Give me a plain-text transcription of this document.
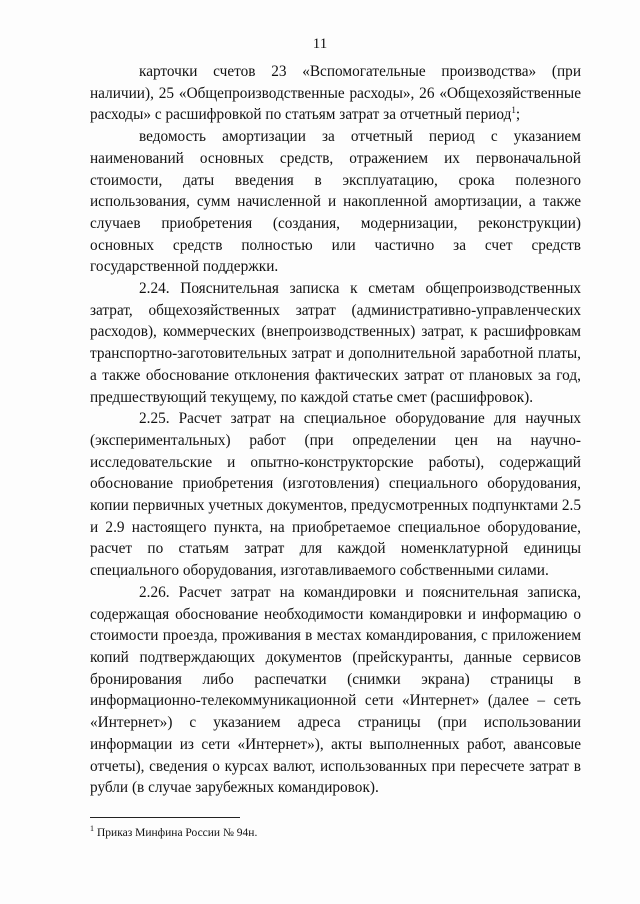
11

карточки счетов 23 «Вспомогательные производства» (при наличии), 25 «Общепроизводственные расходы», 26 «Общехозяйственные расходы» с расшифровкой по статьям затрат за отчетный период$^1$;

ведомость амортизации за отчетный период с указанием наименований основных средств, отражением их первоначальной стоимости, даты введения в эксплуатацию, срока полезного использования, сумм начисленной и накопленной амортизации, а также случаев приобретения (создания, модернизации, реконструкции) основных средств полностью или частично за счет средств государственной поддержки.

2.24. Пояснительная записка к сметам общепроизводственных затрат, общехозяйственных затрат (административно-управленческих расходов), коммерческих (внепроизводственных) затрат, к расшифровкам транспортно-заготовительных затрат и дополнительной заработной платы, а также обоснование отклонения фактических затрат от плановых за год, предшествующий текущему, по каждой статье смет (расшифровок).

2.25. Расчет затрат на специальное оборудование для научных (экспериментальных) работ (при определении цен на научно-исследовательские и опытно-конструкторские работы), содержащий обоснование приобретения (изготовления) специального оборудования, копии первичных учетных документов, предусмотренных подпунктами 2.5 и 2.9 настоящего пункта, на приобретаемое специальное оборудование, расчет по статьям затрат для каждой номенклатурной единицы специального оборудования, изготавливаемого собственными силами.

2.26. Расчет затрат на командировки и пояснительная записка, содержащая обоснование необходимости командировки и информацию о стоимости проезда, проживания в местах командирования, с приложением копий подтверждающих документов (прейскуранты, данные сервисов бронирования либо распечатки (снимки экрана) страницы в информационно-телекоммуникационной сети «Интернет» (далее – сеть «Интернет») с указанием адреса страницы (при использовании информации из сети «Интернет»), акты выполненных работ, авансовые отчеты), сведения о курсах валют, использованных при пересчете затрат в рубли (в случае зарубежных командировок).

$^1$ Приказ Минфина России № 94н.
